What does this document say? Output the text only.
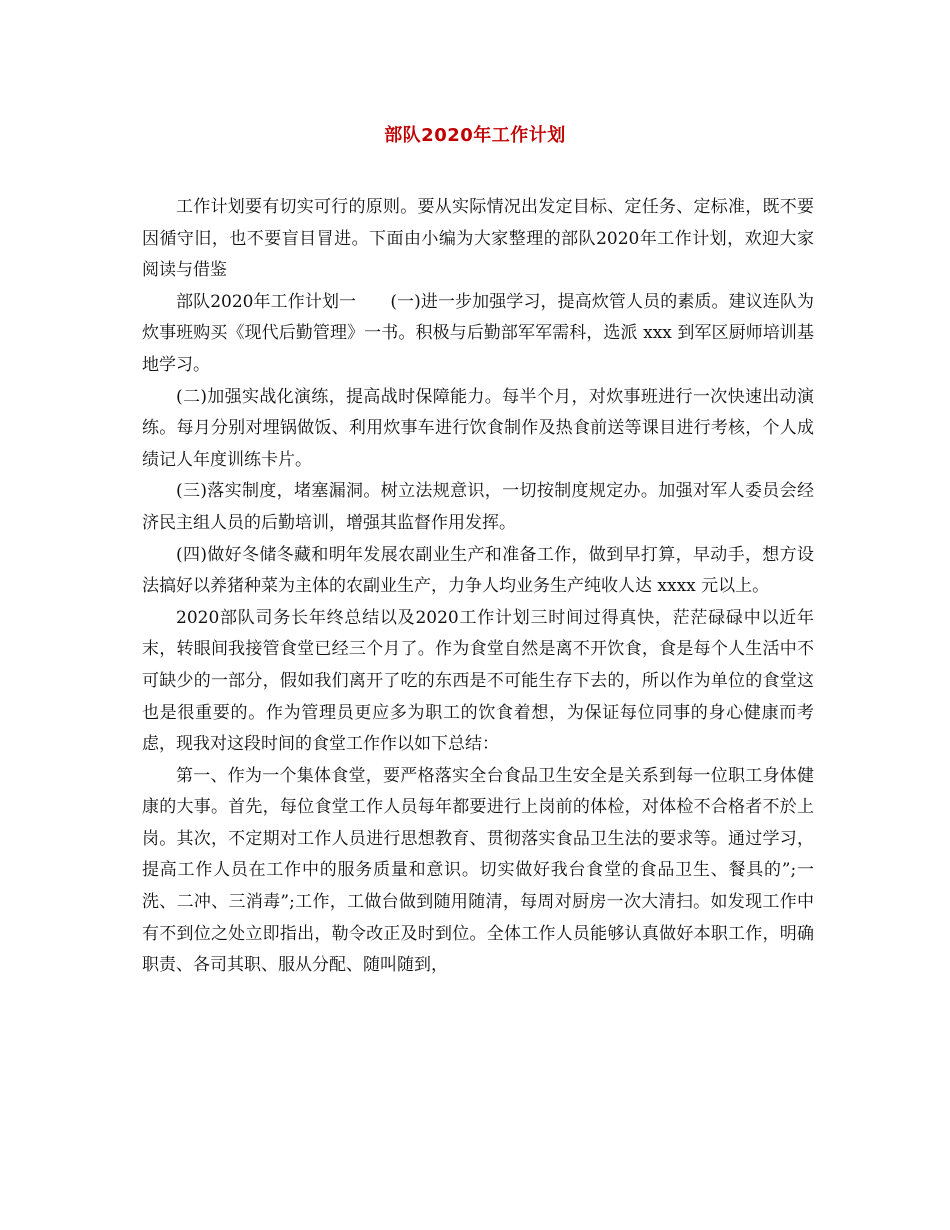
部队2020年工作计划

工作计划要有切实可行的原则。要从实际情况出发定目标、定任务、定标准，既不要因循守旧，也不要盲目冒进。下面由小编为大家整理的部队2020年工作计划，欢迎大家阅读与借鉴

部队2020年工作计划一　　(一)进一步加强学习，提高炊管人员的素质。建议连队为炊事班购买《现代后勤管理》一书。积极与后勤部军军需科，选派 xxx 到军区厨师培训基地学习。

(二)加强实战化演练，提高战时保障能力。每半个月，对炊事班进行一次快速出动演练。每月分别对埋锅做饭、利用炊事车进行饮食制作及热食前送等课目进行考核，个人成绩记人年度训练卡片。

(三)落实制度，堵塞漏洞。树立法规意识，一切按制度规定办。加强对军人委员会经济民主组人员的后勤培训，增强其监督作用发挥。

(四)做好冬储冬藏和明年发展农副业生产和准备工作，做到早打算，早动手，想方设法搞好以养猪种菜为主体的农副业生产，力争人均业务生产纯收人达 xxxx 元以上。

2020部队司务长年终总结以及2020工作计划三时间过得真快，茫茫碌碌中以近年末，转眼间我接管食堂已经三个月了。作为食堂自然是离不开饮食，食是每个人生活中不可缺少的一部分，假如我们离开了吃的东西是不可能生存下去的，所以作为单位的食堂这也是很重要的。作为管理员更应多为职工的饮食着想，为保证每位同事的身心健康而考虑，现我对这段时间的食堂工作作以如下总结：

第一、作为一个集体食堂，要严格落实全台食品卫生安全是关系到每一位职工身体健康的大事。首先，每位食堂工作人员每年都要进行上岗前的体检，对体检不合格者不於上岗。其次，不定期对工作人员进行思想教育、贯彻落实食品卫生法的要求等。通过学习，提高工作人员在工作中的服务质量和意识。切实做好我台食堂的食品卫生、餐具的”;一洗、二冲、三消毒”;工作，工做台做到随用随清，每周对厨房一次大清扫。如发现工作中有不到位之处立即指出，勒令改正及时到位。全体工作人员能够认真做好本职工作，明确职责、各司其职、服从分配、随叫随到，
